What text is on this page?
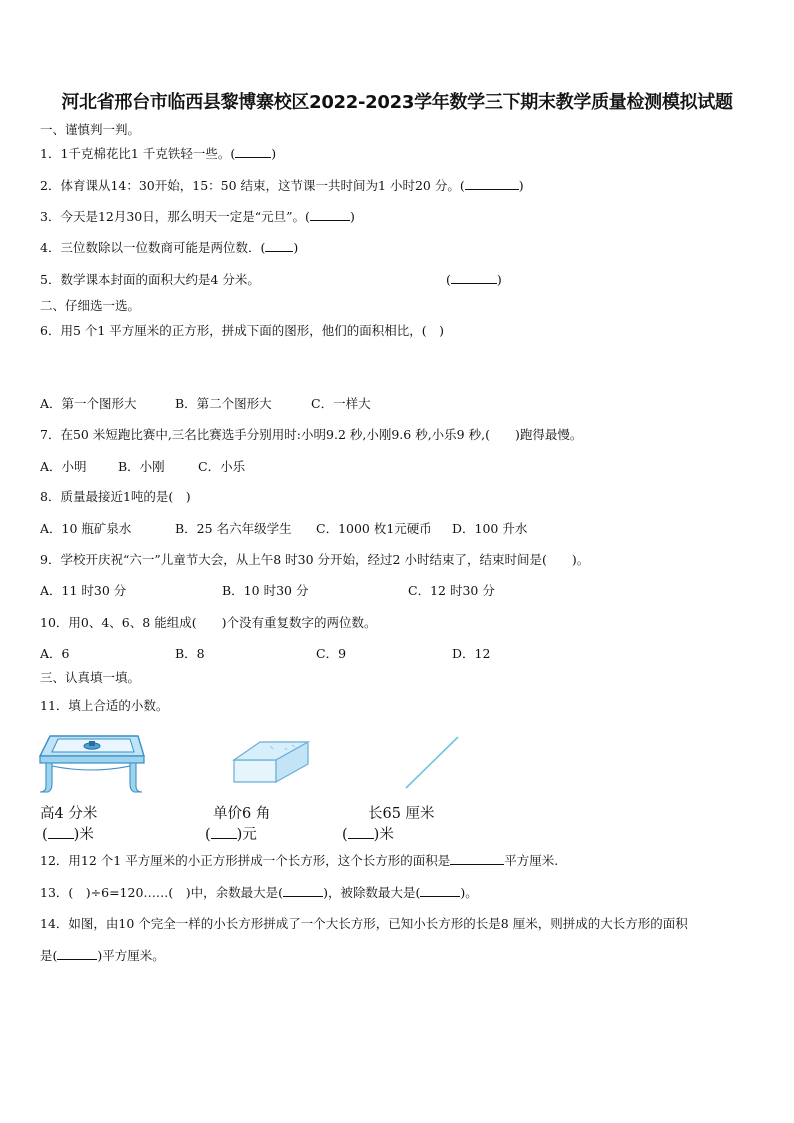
河北省邢台市临西县黎博寨校区2022-2023学年数学三下期末教学质量检测模拟试题
一、谨慎判一判。
1．1千克棉花比1 千克铁轻一些。(	)
2．体育课从14：30开始，15：50 结束，这节课一共时间为1 小时20 分。(	)
3．今天是12月30日，那么明天一定是“元旦”。(	)
4．三位数除以一位数商可能是两位数．( )
5．数学课本封面的面积大约是4 分米。	(	)
二、仔细选一选。
6．用5 个1 平方厘米的正方形，拼成下面的图形，他们的面积相比，(　)
A．第一个图形大	B．第二个图形大	C．一样大
7．在50 米短跑比赛中,三名比赛选手分别用时:小明9.2 秒,小刚9.6 秒,小乐9 秒,(　　)跑得最慢。
A．小明	B．小刚	C．小乐
8．质量最接近1吨的是(　)
A．10 瓶矿泉水	B．25 名六年级学生 C．1000 枚1元硬币 D．100 升水
9．学校开庆祝“六一”儿童节大会，从上午8 时30 分开始，经过2 小时结束了，结束时间是(　　)。
A．11 时30 分	B．10 时30 分	C．12 时30 分
10．用0、4、6、8 能组成(　　)个没有重复数字的两位数。
A．6	B．8	C．9	D．12
三、认真填一填。
11．填上合适的小数。
高4 分米	单价6 角	长65 厘米
( )米	( )元	( )米
12．用12 个1 平方厘米的小正方形拼成一个长方形，这个长方形的面积是	平方厘米.
13．(　)÷6=120……(　)中，余数最大是(	)，被除数最大是(	)。
14．如图，由10 个完全一样的小长方形拼成了一个大长方形，已知小长方形的长是8 厘米，则拼成的大长方形的面积
是(	)平方厘米。
